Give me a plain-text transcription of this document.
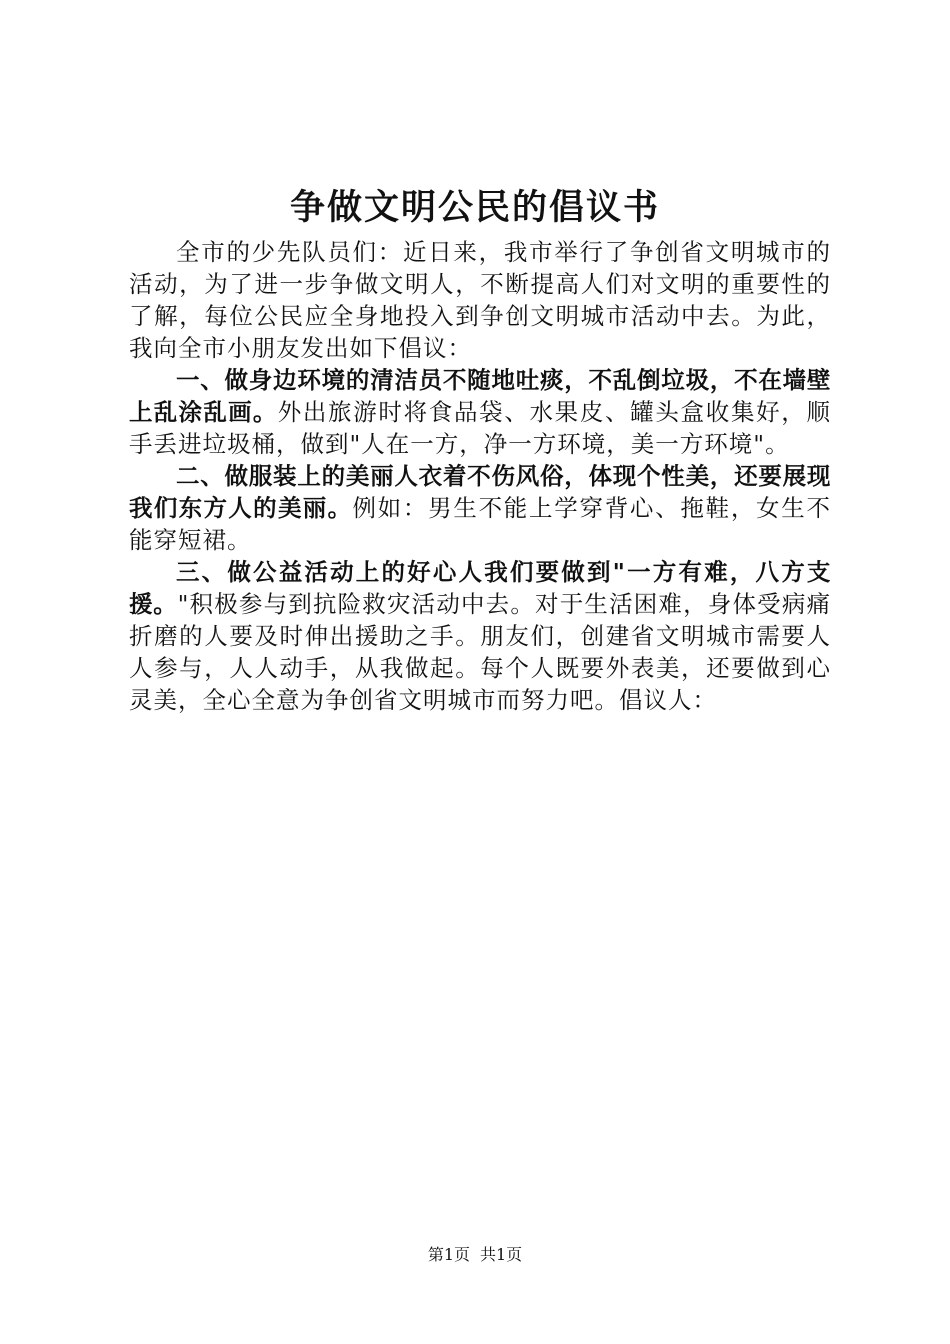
争做文明公民的倡议书

全市的少先队员们：近日来，我市举行了争创省文明城市的活动，为了进一步争做文明人，不断提高人们对文明的重要性的了解，每位公民应全身地投入到争创文明城市活动中去。为此，我向全市小朋友发出如下倡议：

一、做身边环境的清洁员不随地吐痰，不乱倒垃圾，不在墙壁上乱涂乱画。外出旅游时将食品袋、水果皮、罐头盒收集好，顺手丢进垃圾桶，做到"人在一方，净一方环境，美一方环境"。

二、做服装上的美丽人衣着不伤风俗，体现个性美，还要展现我们东方人的美丽。例如：男生不能上学穿背心、拖鞋，女生不能穿短裙。

三、做公益活动上的好心人我们要做到"一方有难，八方支援。"积极参与到抗险救灾活动中去。对于生活困难，身体受病痛折磨的人要及时伸出援助之手。朋友们，创建省文明城市需要人人参与，人人动手，从我做起。每个人既要外表美，还要做到心灵美，全心全意为争创省文明城市而努力吧。倡议人：

第1页 共1页
